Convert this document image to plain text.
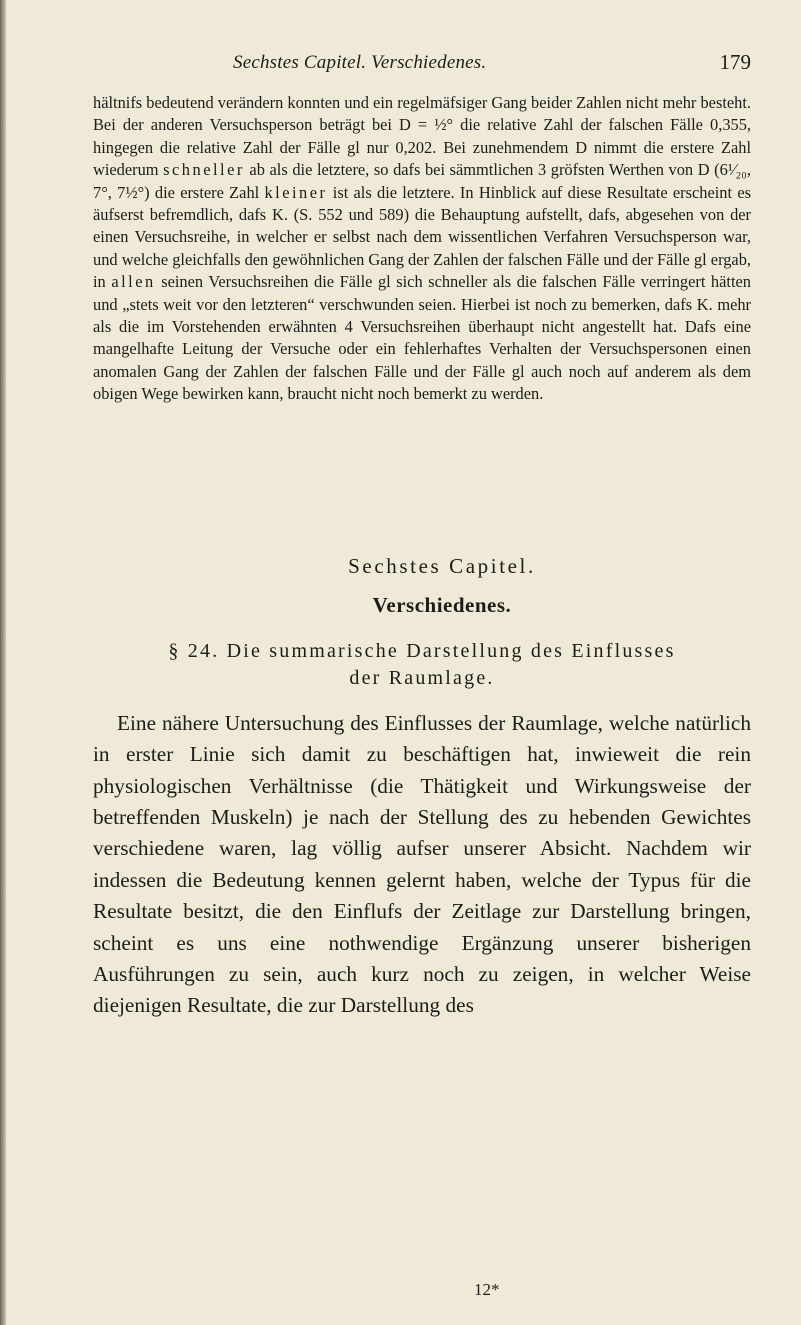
Sechstes Capitel. Verschiedenes.	179

hältnifs bedeutend verändern konnten und ein regelmäfsiger Gang beider Zahlen nicht mehr besteht. Bei der anderen Versuchsperson beträgt bei D = ½° die relative Zahl der falschen Fälle 0,355, hingegen die relative Zahl der Fälle gl nur 0,202. Bei zunehmendem D nimmt die erstere Zahl wiederum schneller ab als die letztere, so dafs bei sämmtlichen 3 gröfsten Werthen von D (6¹⁄₂₀, 7°, 7½°) die erstere Zahl kleiner ist als die letztere. In Hinblick auf diese Resultate erscheint es äufserst befremdlich, dafs K. (S. 552 und 589) die Behauptung aufstellt, dafs, abgesehen von der einen Versuchsreihe, in welcher er selbst nach dem wissentlichen Verfahren Versuchsperson war, und welche gleichfalls den gewöhnlichen Gang der Zahlen der falschen Fälle und der Fälle gl ergab, in allen seinen Versuchsreihen die Fälle gl sich schneller als die falschen Fälle verringert hätten und „stets weit vor den letzteren“ verschwunden seien. Hierbei ist noch zu bemerken, dafs K. mehr als die im Vorstehenden erwähnten 4 Versuchsreihen überhaupt nicht angestellt hat. Dafs eine mangelhafte Leitung der Versuche oder ein fehlerhaftes Verhalten der Versuchspersonen einen anomalen Gang der Zahlen der falschen Fälle und der Fälle gl auch noch auf anderem als dem obigen Wege bewirken kann, braucht nicht noch bemerkt zu werden.

Sechstes Capitel.
Verschiedenes.
§ 24. Die summarische Darstellung des Einflusses
der Raumlage.

Eine nähere Untersuchung des Einflusses der Raumlage, welche natürlich in erster Linie sich damit zu beschäftigen hat, inwieweit die rein physiologischen Verhältnisse (die Thätigkeit und Wirkungsweise der betreffenden Muskeln) je nach der Stellung des zu hebenden Gewichtes verschiedene waren, lag völlig aufser unserer Absicht. Nachdem wir indessen die Bedeutung kennen gelernt haben, welche der Typus für die Resultate besitzt, die den Einflufs der Zeitlage zur Darstellung bringen, scheint es uns eine nothwendige Ergänzung unserer bisherigen Ausführungen zu sein, auch kurz noch zu zeigen, in welcher Weise diejenigen Resultate, die zur Darstellung des

12*
